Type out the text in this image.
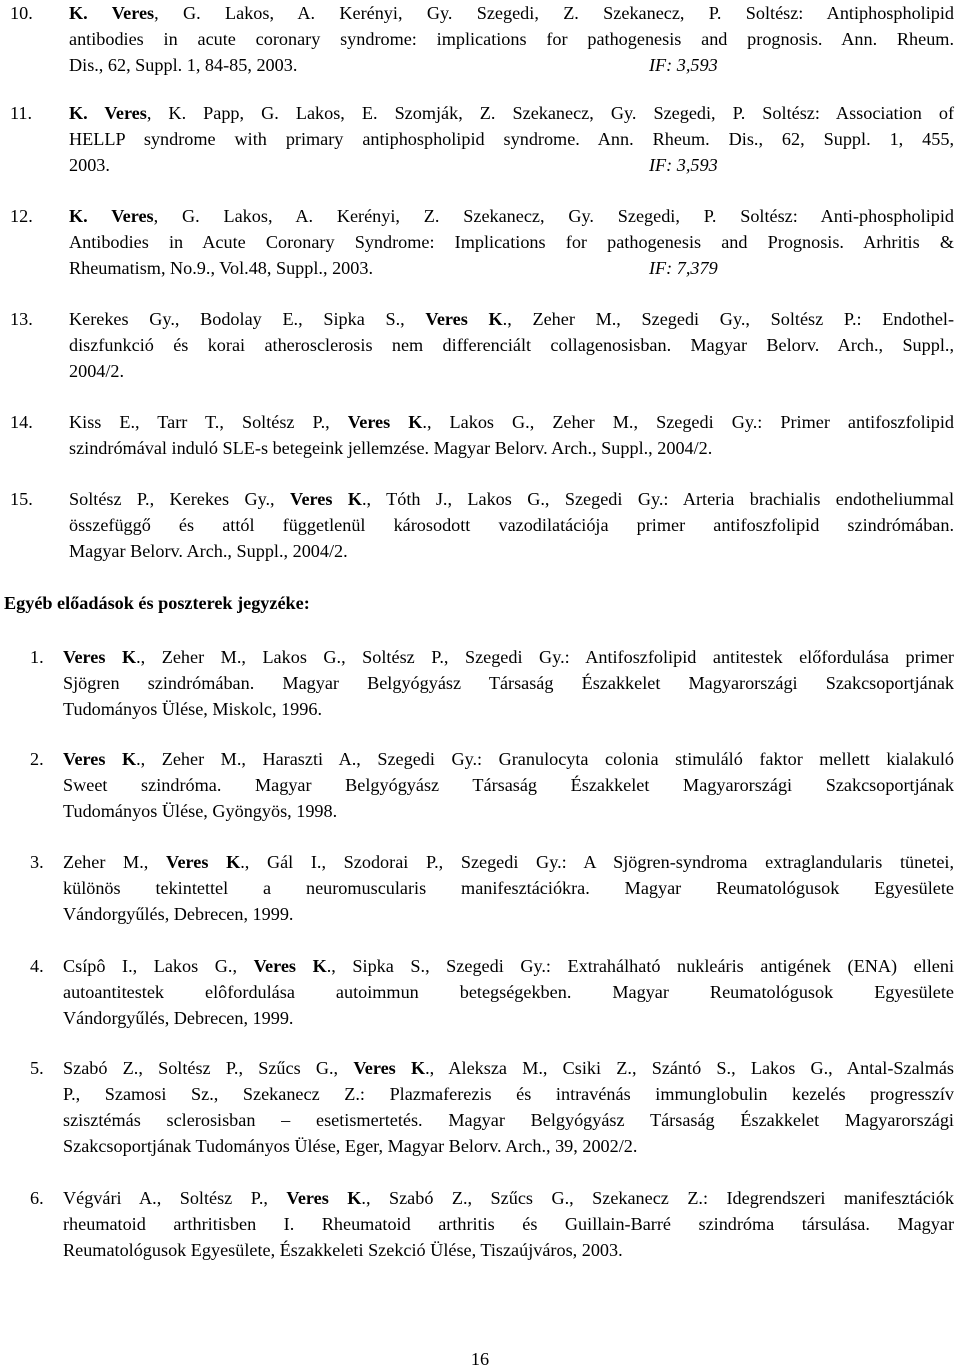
10. K. Veres, G. Lakos, A. Kerényi, Gy. Szegedi, Z. Szekanecz, P. Soltész: Antiphospholipid
antibodies in acute coronary syndrome: implications for pathogenesis and prognosis. Ann. Rheum.
Dis., 62, Suppl. 1, 84-85, 2003.	IF: 3,593
11. K. Veres, K. Papp, G. Lakos, E. Szomják, Z. Szekanecz, Gy. Szegedi, P. Soltész: Association of
HELLP syndrome with primary antiphospholipid syndrome. Ann. Rheum. Dis., 62, Suppl. 1, 455,
2003.	IF: 3,593
12. K. Veres, G. Lakos, A. Kerényi, Z. Szekanecz, Gy. Szegedi, P. Soltész: Anti-phospholipid
Antibodies in Acute Coronary Syndrome: Implications for pathogenesis and Prognosis. Arhritis &
Rheumatism, No.9., Vol.48, Suppl., 2003.	IF: 7,379
13. Kerekes Gy., Bodolay E., Sipka S., Veres K., Zeher M., Szegedi Gy., Soltész P.: Endothel-
diszfunkció és korai atherosclerosis nem differenciált collagenosisban. Magyar Belorv. Arch., Suppl.,
2004/2.
14. Kiss E., Tarr T., Soltész P., Veres K., Lakos G., Zeher M., Szegedi Gy.: Primer antifoszfolipid
szindrómával induló SLE-s betegeink jellemzése. Magyar Belorv. Arch., Suppl., 2004/2.
15. Soltész P., Kerekes Gy., Veres K., Tóth J., Lakos G., Szegedi Gy.: Arteria brachialis endotheliummal
összefüggő és attól függetlenül károsodott vazodilatációja primer antifoszfolipid szindrómában.
Magyar Belorv. Arch., Suppl., 2004/2.
Egyéb előadások és poszterek jegyzéke:
1. Veres K., Zeher M., Lakos G., Soltész P., Szegedi Gy.: Antifoszfolipid antitestek előfordulása primer
Sjögren szindrómában. Magyar Belgyógyász Társaság Északkelet Magyarországi Szakcsoportjának
Tudományos Ülése, Miskolc, 1996.
2. Veres K., Zeher M., Haraszti A., Szegedi Gy.: Granulocyta colonia stimuláló faktor mellett kialakuló
Sweet szindróma. Magyar Belgyógyász Társaság Északkelet Magyarországi Szakcsoportjának
Tudományos Ülése, Gyöngyös, 1998.
3. Zeher M., Veres K., Gál I., Szodorai P., Szegedi Gy.: A Sjögren-syndroma extraglandularis tünetei,
különös tekintettel a neuromuscularis manifesztációkra. Magyar Reumatológusok Egyesülete
Vándorgyűlés, Debrecen, 1999.
4. Csípô I., Lakos G., Veres K., Sipka S., Szegedi Gy.: Extrahálható nukleáris antigének (ENA) elleni
autoantitestek elôfordulása autoimmun betegségekben. Magyar Reumatológusok Egyesülete
Vándorgyűlés, Debrecen, 1999.
5. Szabó Z., Soltész P., Szűcs G., Veres K., Aleksza M., Csiki Z., Szántó S., Lakos G., Antal-Szalmás
P., Szamosi Sz., Szekanecz Z.: Plazmaferezis és intravénás immunglobulin kezelés progresszív
szisztémás sclerosisban – esetismertetés. Magyar Belgyógyász Társaság Északkelet Magyarországi
Szakcsoportjának Tudományos Ülése, Eger, Magyar Belorv. Arch., 39, 2002/2.
6. Végvári A., Soltész P., Veres K., Szabó Z., Szűcs G., Szekanecz Z.: Idegrendszeri manifesztációk
rheumatoid arthritisben I. Rheumatoid arthritis és Guillain-Barré szindróma társulása. Magyar
Reumatológusok Egyesülete, Északkeleti Szekció Ülése, Tiszaújváros, 2003.
16
